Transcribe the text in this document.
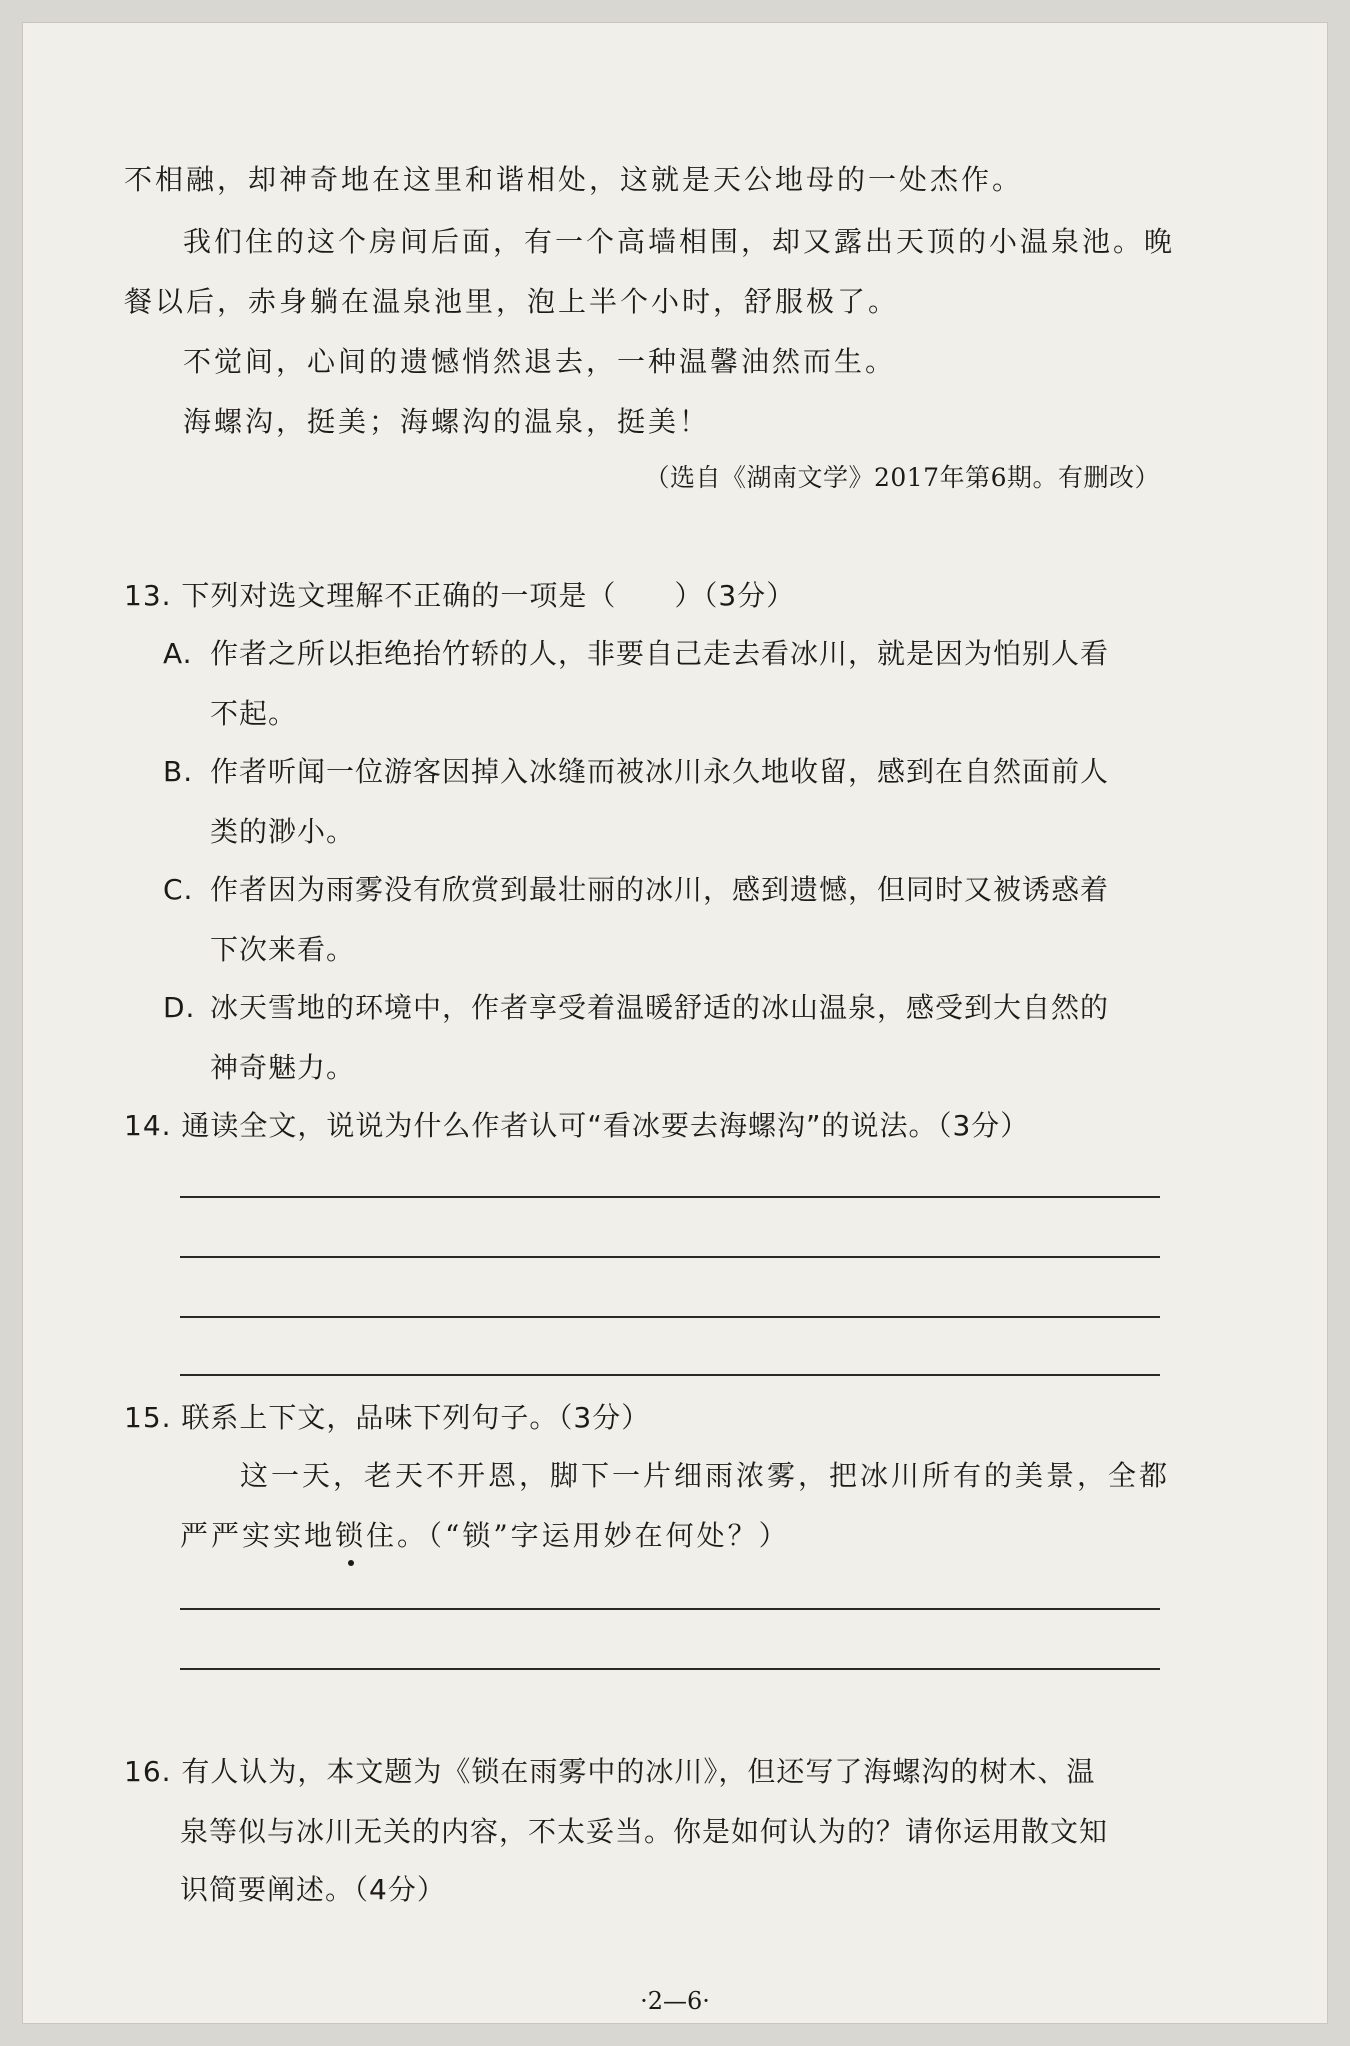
不相融，却神奇地在这里和谐相处，这就是天公地母的一处杰作。
我们住的这个房间后面，有一个高墙相围，却又露出天顶的小温泉池。晚
餐以后，赤身躺在温泉池里，泡上半个小时，舒服极了。
不觉间，心间的遗憾悄然退去，一种温馨油然而生。
海螺沟，挺美；海螺沟的温泉，挺美！
（选自《湖南文学》2017年第6期。有删改）
13. 下列对选文理解不正确的一项是（　　）（3分）
A. 作者之所以拒绝抬竹轿的人，非要自己走去看冰川，就是因为怕别人看
不起。
B. 作者听闻一位游客因掉入冰缝而被冰川永久地收留，感到在自然面前人
类的渺小。
C. 作者因为雨雾没有欣赏到最壮丽的冰川，感到遗憾，但同时又被诱惑着
下次来看。
D. 冰天雪地的环境中，作者享受着温暖舒适的冰山温泉，感受到大自然的
神奇魅力。
14. 通读全文，说说为什么作者认可“看冰要去海螺沟”的说法。（3分）
15. 联系上下文，品味下列句子。（3分）
这一天，老天不开恩，脚下一片细雨浓雾，把冰川所有的美景，全都
严严实实地锁住。（“锁”字运用妙在何处？）
16. 有人认为，本文题为《锁在雨雾中的冰川》，但还写了海螺沟的树木、温
泉等似与冰川无关的内容，不太妥当。你是如何认为的？请你运用散文知
识简要阐述。（4分）
·2—6·
